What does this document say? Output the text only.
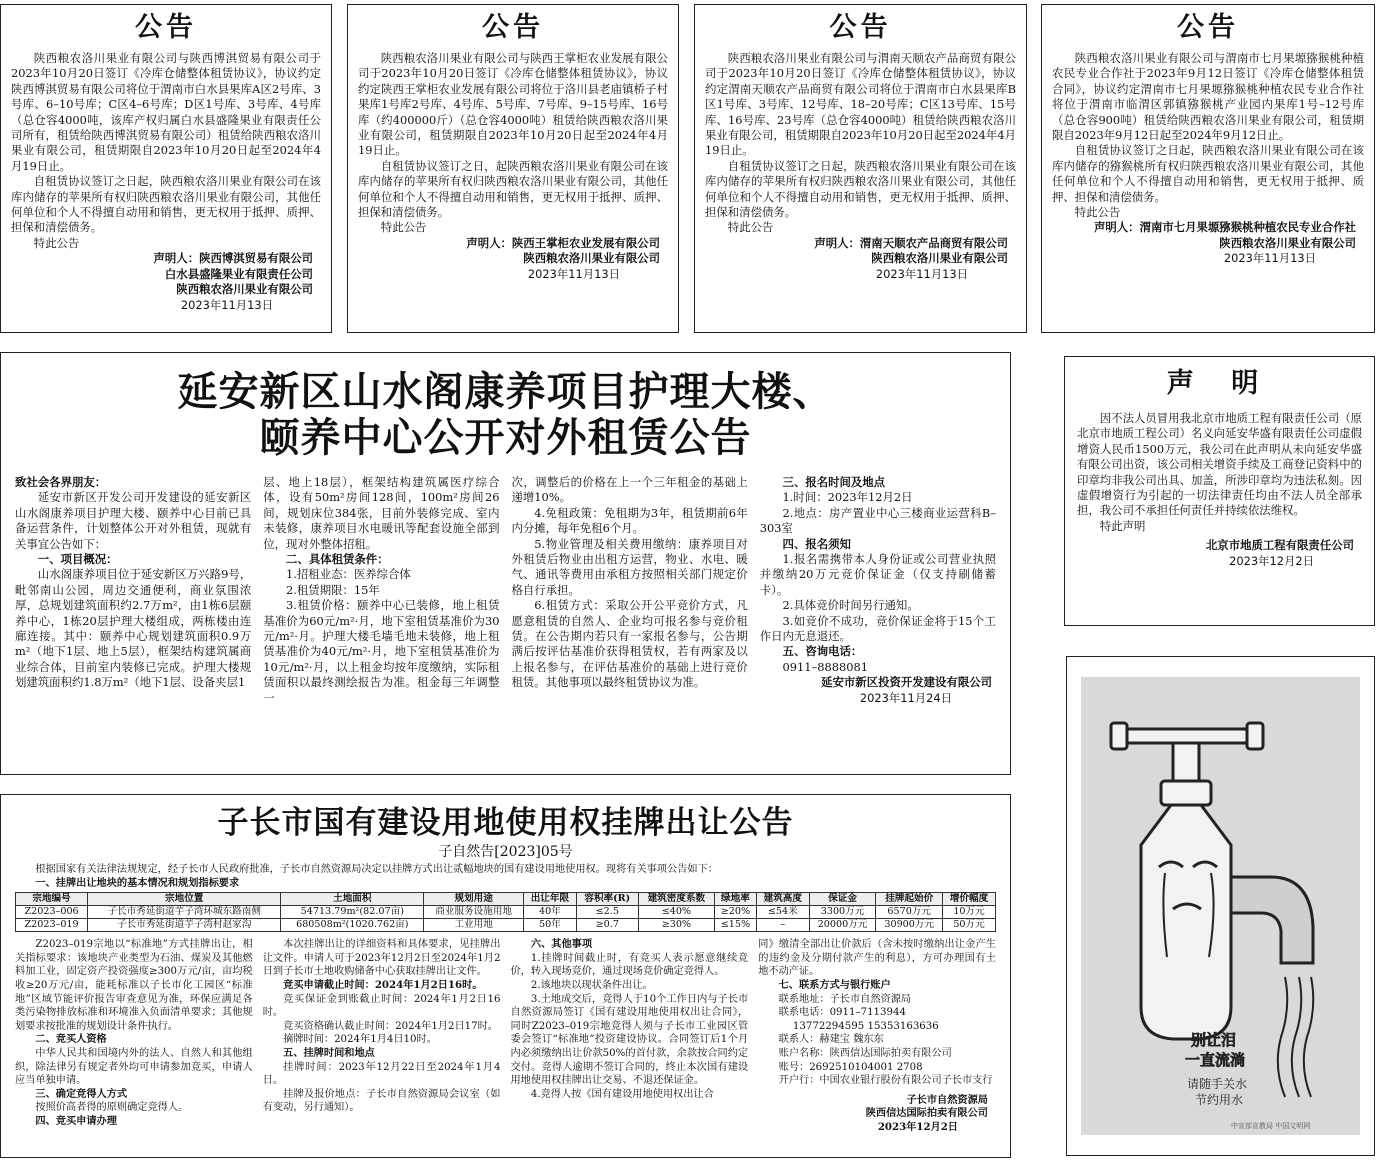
公告
陕西粮农洛川果业有限公司与陕西博淇贸易有限公司于2023年10月20日签订《冷库仓储整体租赁协议》，协议约定陕西博淇贸易有限公司将位于渭南市白水县果库A区2号库、3号库、6–10号库；C区4–6号库；D区1号库、3号库、4号库（总仓容4000吨，该库产权归属白水县盛隆果业有限责任公司所有，租赁给陕西博淇贸易有限公司）租赁给陕西粮农洛川果业有限公司，租赁期限自2023年10月20日起至2024年4月19日止。
自租赁协议签订之日起，陕西粮农洛川果业有限公司在该库内储存的苹果所有权归陕西粮农洛川果业有限公司，其他任何单位和个人不得擅自动用和销售，更无权用于抵押、质押、担保和清偿债务。
特此公告
声明人：陕西博淇贸易有限公司
白水县盛隆果业有限责任公司
陕西粮农洛川果业有限公司
2023年11月13日
公告
陕西粮农洛川果业有限公司与陕西王掌柜农业发展有限公司于2023年10月20日签订《冷库仓储整体租赁协议》，协议约定陕西王掌柜农业发展有限公司将位于洛川县老庙镇桥子村果库1号库2号库、4号库、5号库、7号库、9–15号库、16号库（约400000斤）（总仓容4000吨）租赁给陕西粮农洛川果业有限公司，租赁期限自2023年10月20日起至2024年4月19日止。
自租赁协议签订之日，起陕西粮农洛川果业有限公司在该库内储存的苹果所有权归陕西粮农洛川果业有限公司，其他任何单位和个人不得擅自动用和销售，更无权用于抵押、质押、担保和清偿债务。
特此公告
声明人：陕西王掌柜农业发展有限公司
陕西粮农洛川果业有限公司
2023年11月13日
公告
陕西粮农洛川果业有限公司与渭南天顺农产品商贸有限公司于2023年10月20日签订《冷库仓储整体租赁协议》，协议约定渭南天顺农产品商贸有限公司将位于渭南市白水县果库B区1号库、3号库、12号库、18–20号库；C区13号库、15号库、16号库、23号库（总仓容4000吨）租赁给陕西粮农洛川果业有限公司，租赁期限自2023年10月20日起至2024年4月19日止。
自租赁协议签订之日起，陕西粮农洛川果业有限公司在该库内储存的苹果所有权归陕西粮农洛川果业有限公司，其他任何单位和个人不得擅自动用和销售，更无权用于抵押、质押、担保和清偿债务。
特此公告
声明人：渭南天顺农产品商贸有限公司
陕西粮农洛川果业有限公司
2023年11月13日
公告
陕西粮农洛川果业有限公司与渭南市七月果塬猕猴桃种植农民专业合作社于2023年9月12日签订《冷库仓储整体租赁合同》，协议约定渭南市七月果塬猕猴桃种植农民专业合作社将位于渭南市临渭区郭镇猕猴桃产业园内果库1号–12号库（总仓容900吨）租赁给陕西粮农洛川果业有限公司，租赁期限自2023年9月12日起至2024年9月12日止。
自租赁协议签订之日起，陕西粮农洛川果业有限公司在该库内储存的猕猴桃所有权归陕西粮农洛川果业有限公司，其他任何单位和个人不得擅自动用和销售，更无权用于抵押、质押、担保和清偿债务。
特此公告
声明人：渭南市七月果塬猕猴桃种植农民专业合作社
陕西粮农洛川果业有限公司
2023年11月13日
延安新区山水阁康养项目护理大楼、
颐养中心公开对外租赁公告
致社会各界朋友：
延安市新区开发公司开发建设的延安新区山水阁康养项目护理大楼、颐养中心目前已具备运营条件，计划整体公开对外租赁，现就有关事宜公告如下：
一、项目概况：
山水阁康养项目位于延安新区万兴路9号，毗邻南山公园，周边交通便利，商业氛围浓厚，总规划建筑面积约2.7万m²，由1栋6层颐养中心，1栋20层护理大楼组成，两栋楼由连廊连接。其中：颐养中心规划建筑面积0.9万m²（地下1层、地上5层），框架结构建筑属商业综合体，目前室内装修已完成。护理大楼规划建筑面积约1.8万m²（地下1层、设备夹层1
层、地上18层），框架结构建筑属医疗综合体，设有50m²房间128间，100m²房间26间，规划床位384张，目前外装修完成、室内未装修，康养项目水电暖讯等配套设施全部到位，现对外整体招租。
二、具体租赁条件：
1.招租业态：医养综合体
2.租赁期限：15年
3.租赁价格：颐养中心已装修，地上租赁基准价为60元/m²·月，地下室租赁基准价为30元/m²·月。护理大楼毛墙毛地未装修，地上租赁基准价为40元/m²·月，地下室租赁基准价为10元/m²·月，以上租金均按年度缴纳，实际租赁面积以最终测绘报告为准。租金每三年调整一
次，调整后的价格在上一个三年租金的基础上递增10%。
4.免租政策：免租期为3年，租赁期前6年内分摊，每年免租6个月。
5.物业管理及相关费用缴纳：康养项目对外租赁后物业由出租方运营，物业、水电、暖气、通讯等费用由承租方按照相关部门规定价格自行承担。
6.租赁方式：采取公开公平竞价方式，凡愿意租赁的自然人、企业均可报名参与竞价租赁。在公告期内若只有一家报名参与，公告期满后按评估基准价获得租赁权，若有两家及以上报名参与，在评估基准价的基础上进行竞价租赁。其他事项以最终租赁协议为准。
三、报名时间及地点
1.时间：2023年12月2日
2.地点：房产置业中心三楼商业运营科B–303室
四、报名须知
1.报名需携带本人身份证或公司营业执照并缴纳20万元竞价保证金（仅支持刷储蓄卡）。
2.具体竞价时间另行通知。
3.如竞价不成功，竞价保证金将于15个工作日内无息退还。
五、咨询电话：
0911–8888081
延安市新区投资开发建设有限公司
2023年11月24日
声 明
因不法人员冒用我北京市地质工程有限责任公司（原北京市地质工程公司）名义向延安华盛有限责任公司虚假增资人民币1500万元，我公司在此声明从未向延安华盛有限公司出资，该公司相关增资手续及工商登记资料中的印章均非我公司出具、加盖，所涉印章均为违法私刻。因虚假增资行为引起的一切法律责任均由不法人员全部承担，我公司不承担任何责任并持续依法维权。
特此声明
北京市地质工程有限责任公司
2023年12月2日
子长市国有建设用地使用权挂牌出让公告
子自然告[2023]05号
根据国家有关法律法规规定，经子长市人民政府批准，子长市自然资源局决定以挂牌方式出让贰幅地块的国有建设用地使用权。现将有关事项公告如下：
一、挂牌出让地块的基本情况和规划指标要求
宗地编号	宗地位置	土地面积	规划用途	出让年限	容积率(R)	建筑密度系数	绿地率	建筑高度	保证金	挂牌起始价	增价幅度
Z2023–006	子长市秀延街道芋子湾环城东路南侧	54713.79m²(82.07亩)	商业服务设施用地	40年	≤2.5	≤40%	≥20%	≤54米	3300万元	6570万元	10万元
Z2023–019	子长市秀延街道芋子湾村赵家沟	680508m²(1020.762亩)	工业用地	50年	≥0.7	≥30%	≤15%	–	20000万元	30900万元	50万元
Z2023–019宗地以“标准地”方式挂牌出让，相关指标要求：该地块产业类型为石油、煤炭及其他燃料加工业，固定资产投资强度≥300万元/亩，亩均税收≥20万元/亩，能耗标准以子长市化工园区“标准地”区域节能评价报告审查意见为准，环保应满足各类污染物排放标准和环境准入负面清单要求；其他规划要求按批准的规划设计条件执行。
二、竞买人资格
中华人民共和国境内外的法人、自然人和其他组织，除法律另有规定者外均可申请参加竞买，申请人应当单独申请。
三、确定竞得人方式
按照价高者得的原则确定竞得人。
四、竞买申请办理
本次挂牌出让的详细资料和具体要求，见挂牌出让文件。申请人可于2023年12月2日至2024年1月2日到子长市土地收购储备中心获取挂牌出让文件。
竞买申请截止时间：2024年1月2日16时。
竞买保证金到账截止时间：2024年1月2日16时。
竞买资格确认截止时间：2024年1月2日17时。
摘牌时间：2024年1月4日10时。
五、挂牌时间和地点
挂牌时间：2023年12月22日至2024年1月4日。
挂牌及报价地点：子长市自然资源局会议室（如有变动，另行通知）。
六、其他事项
1.挂牌时间截止时，有竞买人表示愿意继续竞价，转入现场竞价，通过现场竞价确定竞得人。
2.该地块以现状条件出让。
3.土地成交后，竞得人于10个工作日内与子长市自然资源局签订《国有建设用地使用权出让合同》，同时Z2023–019宗地竞得人须与子长市工业园区管委会签订“标准地”投资建设协议。合同签订后1个月内必须缴纳出让价款50%的首付款，余款按合同约定交付。竞得人逾期不签订合同的，终止本次国有建设用地使用权挂牌出让交易、不退还保证金。
4.竞得人按《国有建设用地使用权出让合
同》缴清全部出让价款后（含未按时缴纳出让金产生的违约金及分期付款产生的利息），方可办理国有土地不动产证。
七、联系方式与银行账户
联系地址：子长市自然资源局
联系电话：0911–7113944
13772294595 15353163636
联系人：赫建宝 魏东东
账户名称：陕西信达国际拍卖有限公司
账号：2692510104001 2708
开户行：中国农业银行股份有限公司子长市支行
子长市自然资源局
陕西信达国际拍卖有限公司
2023年12月2日
别让泪
一直流淌
请随手关水
节约用水
中宣部宣教局 中国文明网
